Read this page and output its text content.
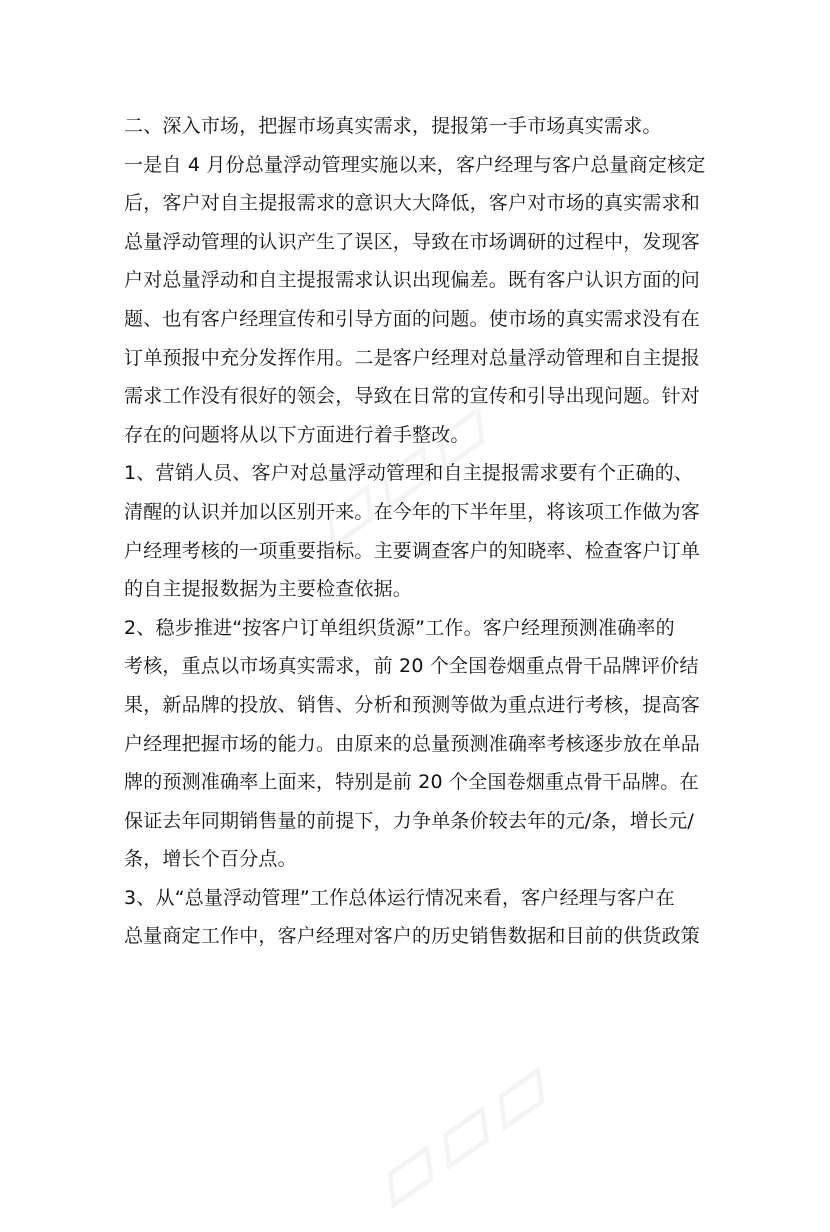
二、深入市场，把握市场真实需求，提报第一手市场真实需求。
一是自 4 月份总量浮动管理实施以来，客户经理与客户总量商定核定
后，客户对自主提报需求的意识大大降低，客户对市场的真实需求和
总量浮动管理的认识产生了误区，导致在市场调研的过程中，发现客
户对总量浮动和自主提报需求认识出现偏差。既有客户认识方面的问
题、也有客户经理宣传和引导方面的问题。使市场的真实需求没有在
订单预报中充分发挥作用。二是客户经理对总量浮动管理和自主提报
需求工作没有很好的领会，导致在日常的宣传和引导出现问题。针对
存在的问题将从以下方面进行着手整改。
1、营销人员、客户对总量浮动管理和自主提报需求要有个正确的、
清醒的认识并加以区别开来。在今年的下半年里，将该项工作做为客
户经理考核的一项重要指标。主要调查客户的知晓率、检查客户订单
的自主提报数据为主要检查依据。
2、稳步推进“按客户订单组织货源”工作。客户经理预测准确率的
考核，重点以市场真实需求，前 20 个全国卷烟重点骨干品牌评价结
果，新品牌的投放、销售、分析和预测等做为重点进行考核，提高客
户经理把握市场的能力。由原来的总量预测准确率考核逐步放在单品
牌的预测准确率上面来，特别是前 20 个全国卷烟重点骨干品牌。在
保证去年同期销售量的前提下，力争单条价较去年的元/条，增长元/
条，增长个百分点。
3、从“总量浮动管理”工作总体运行情况来看，客户经理与客户在
总量商定工作中，客户经理对客户的历史销售数据和目前的供货政策
